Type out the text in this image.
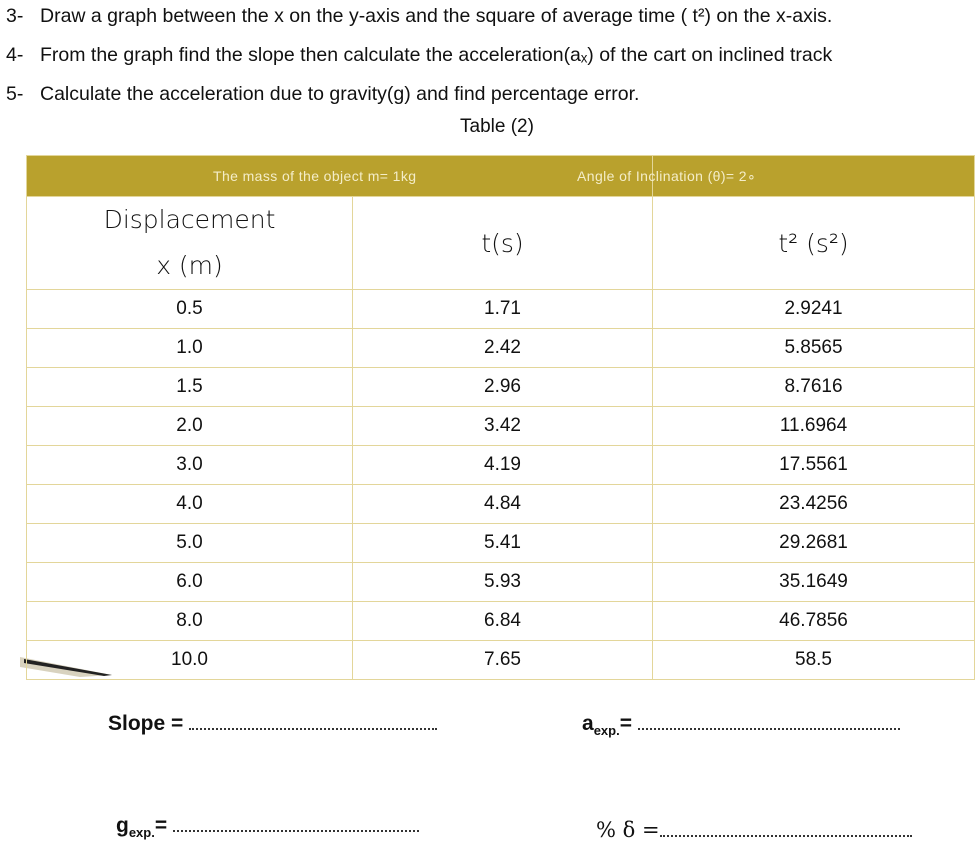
3- Draw a graph between the x on the y-axis and the square of average time ( t²) on the x-axis.
4- From the graph find the slope then calculate the acceleration(aₓ) of the cart on inclined track
5- Calculate the acceleration due to gravity(g) and find percentage error.
Table (2)
The mass of the object m= 1kg		Angle of Inclination (θ)= 2∘

Displacement
x (m)	t(s)	t² (s²)
0.5	1.71	2.9241
1.0	2.42	5.8565
1.5	2.96	8.7616
2.0	3.42	11.6964
3.0	4.19	17.5561
4.0	4.84	23.4256
5.0	5.41	29.2681
6.0	5.93	35.1649
8.0	6.84	46.7856
10.0	7.65	58.5
Slope =	$a_{exp.}=$
$g_{exp.}=$	% δ =
